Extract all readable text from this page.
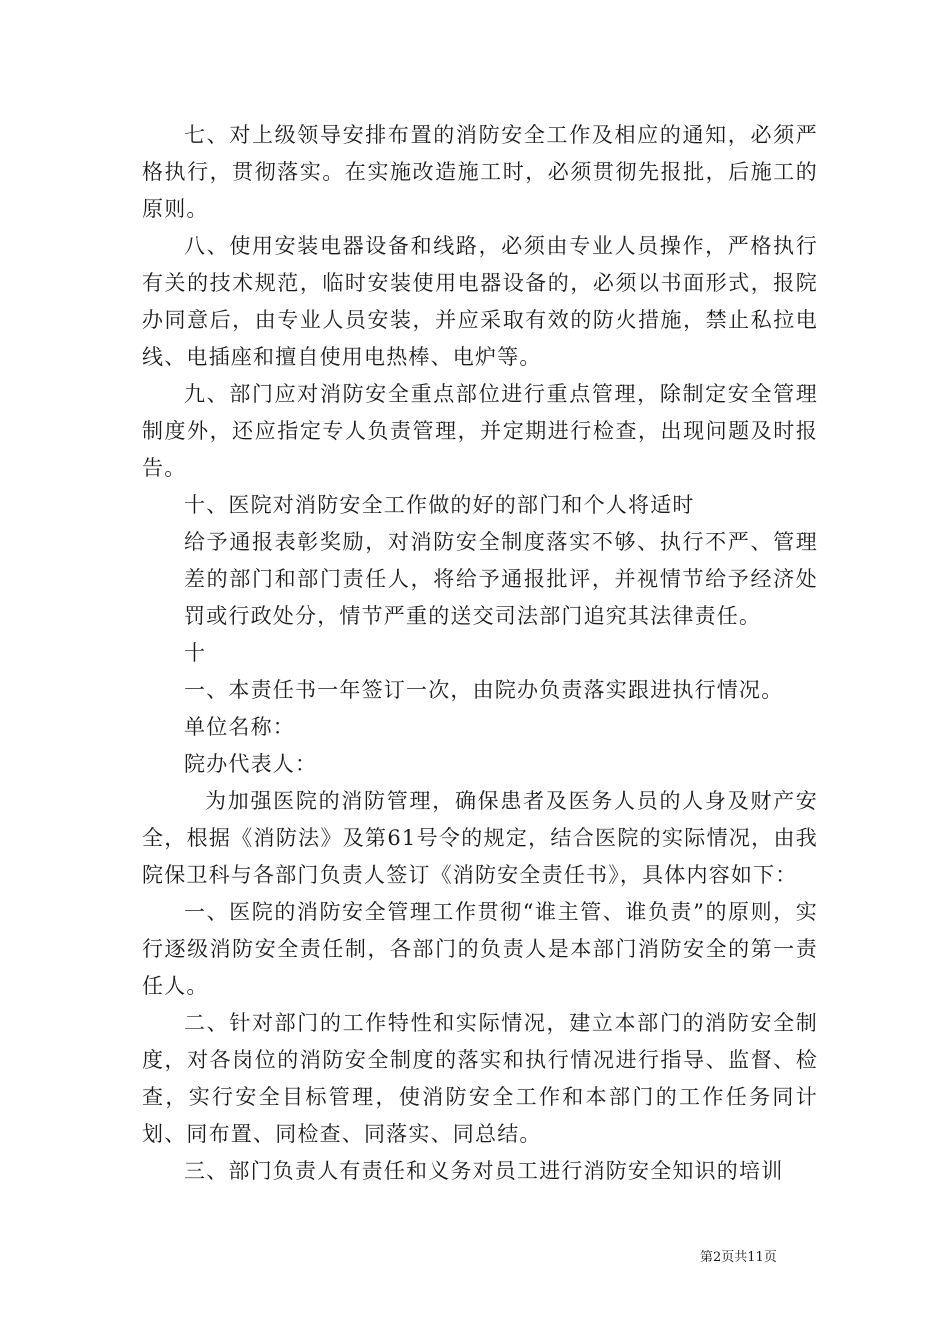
七、对上级领导安排布置的消防安全工作及相应的通知，必须严格执行，贯彻落实。在实施改造施工时，必须贯彻先报批，后施工的原则。

八、使用安装电器设备和线路，必须由专业人员操作，严格执行有关的技术规范，临时安装使用电器设备的，必须以书面形式，报院办同意后，由专业人员安装，并应采取有效的防火措施，禁止私拉电线、电插座和擅自使用电热棒、电炉等。

九、部门应对消防安全重点部位进行重点管理，除制定安全管理制度外，还应指定专人负责管理，并定期进行检查，出现问题及时报告。

十、医院对消防安全工作做的好的部门和个人将适时

给予通报表彰奖励，对消防安全制度落实不够、执行不严、管理差的部门和部门责任人，将给予通报批评，并视情节给予经济处罚或行政处分，情节严重的送交司法部门追究其法律责任。

十

一、本责任书一年签订一次，由院办负责落实跟进执行情况。

单位名称：

院办代表人：

为加强医院的消防管理，确保患者及医务人员的人身及财产安全，根据《消防法》及第61号令的规定，结合医院的实际情况，由我院保卫科与各部门负责人签订《消防安全责任书》，具体内容如下：

一、医院的消防安全管理工作贯彻“谁主管、谁负责”的原则，实行逐级消防安全责任制，各部门的负责人是本部门消防安全的第一责任人。

二、针对部门的工作特性和实际情况，建立本部门的消防安全制度，对各岗位的消防安全制度的落实和执行情况进行指导、监督、检查，实行安全目标管理，使消防安全工作和本部门的工作任务同计划、同布置、同检查、同落实、同总结。

三、部门负责人有责任和义务对员工进行消防安全知识的培训

第2页共11页
